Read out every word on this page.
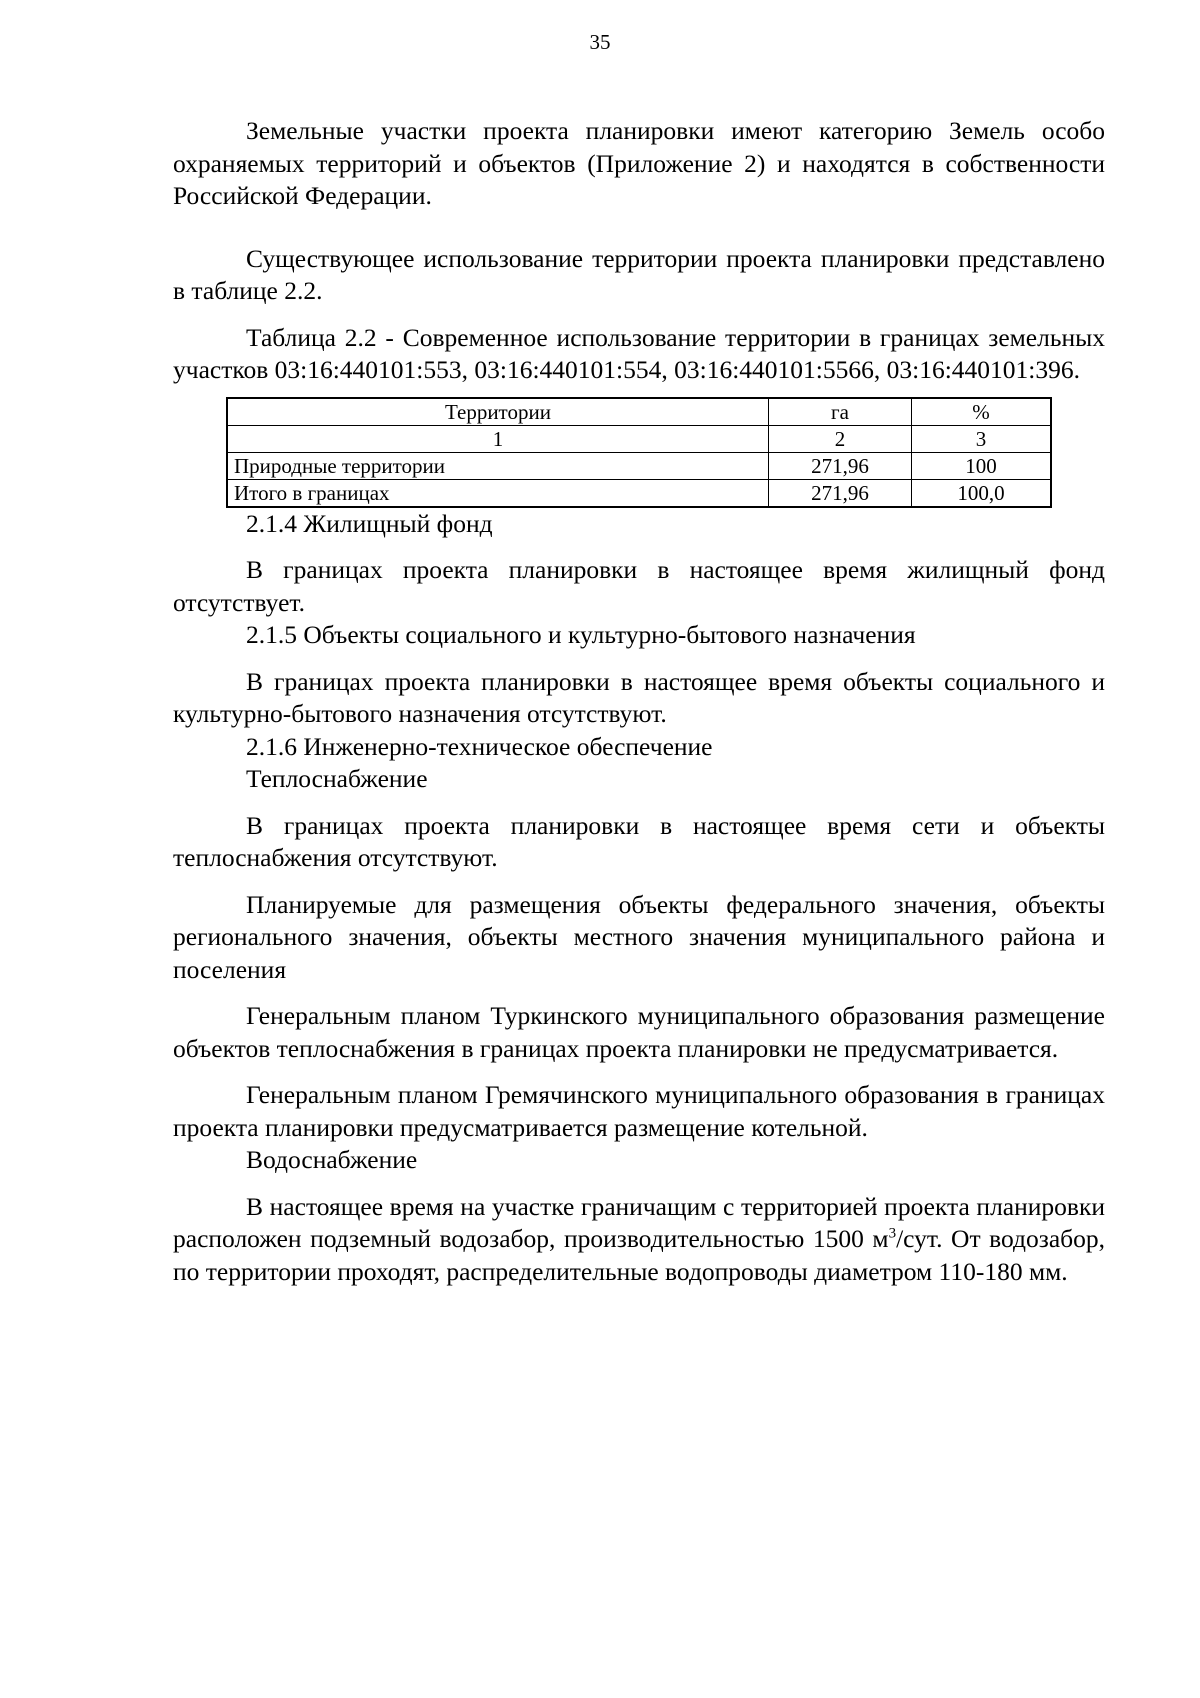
35

Земельные участки проекта планировки имеют категорию Земель особо охраняемых территорий и объектов (Приложение 2) и находятся в собственности Российской Федерации.

Существующее использование территории проекта планировки представлено в таблице 2.2.

Таблица 2.2 - Современное использование территории в границах земельных участков 03:16:440101:553, 03:16:440101:554, 03:16:440101:5566, 03:16:440101:396.

Территории	га	%
1	2	3
Природные территории	271,96	100
Итого в границах	271,96	100,0

2.1.4 Жилищный фонд

В границах проекта планировки в настоящее время жилищный фонд отсутствует.

2.1.5 Объекты социального и культурно-бытового назначения

В границах проекта планировки в настоящее время объекты социального и культурно-бытового назначения отсутствуют.

2.1.6 Инженерно-техническое обеспечение

Теплоснабжение

В границах проекта планировки в настоящее время сети и объекты теплоснабжения отсутствуют.

Планируемые для размещения объекты федерального значения, объекты регионального значения, объекты местного значения муниципального района и поселения

Генеральным планом Туркинского муниципального образования размещение объектов теплоснабжения в границах проекта планировки не предусматривается.

Генеральным планом Гремячинского муниципального образования в границах проекта планировки предусматривается размещение котельной.

Водоснабжение

В настоящее время на участке граничащим с территорией проекта планировки расположен подземный водозабор, производительностью 1500 $м^3$/сут. От водозабор, по территории проходят, распределительные водопроводы диаметром 110-180 мм.
